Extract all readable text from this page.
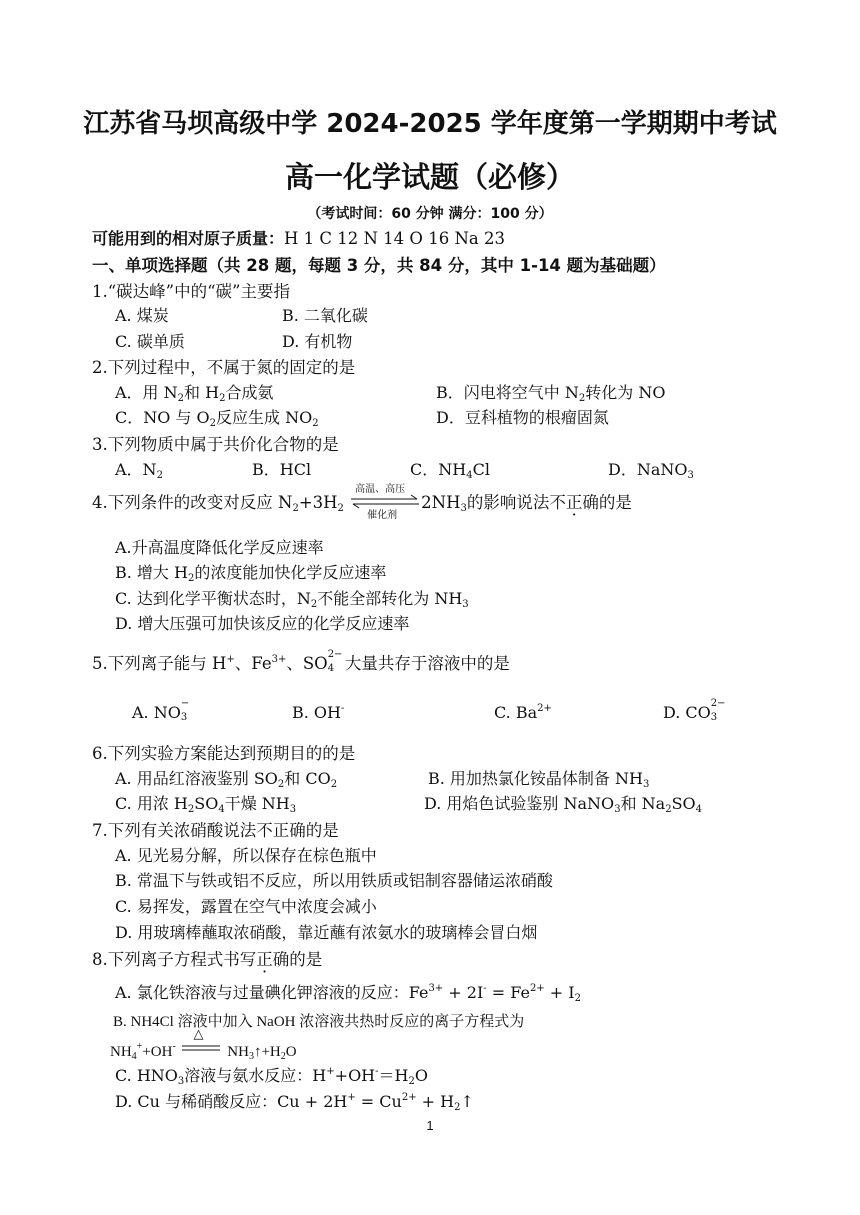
江苏省马坝高级中学 2024-2025 学年度第一学期期中考试
高一化学试题（必修）
（考试时间：60 分钟 满分：100 分）
可能用到的相对原子质量：H 1 C 12 N 14 O 16 Na 23
一、单项选择题（共 28 题，每题 3 分，共 84 分，其中 1-14 题为基础题）
1.“碳达峰”中的“碳”主要指
A. 煤炭	B. 二氧化碳
C. 碳单质	D. 有机物
2.下列过程中，不属于氮的固定的是
A．用 $N_2$和 $H_2$合成氨	B．闪电将空气中 $N_2$转化为 NO
C．NO 与 $O_2$反应生成 $NO_2$	D．豆科植物的根瘤固氮
3.下列物质中属于共价化合物的是
A．$N_2$	B．HCl	C．$NH_4Cl$	D．NaNO$_3$
4.下列条件的改变对反应 $N_2+3H_2$
高温、高压
催化剂
$2NH_3$的影响说法不正确的是
A.升高温度降低化学反应速率
B. 增大 $H_2$的浓度能加快化学反应速率
C. 达到化学平衡状态时，$N_2$不能全部转化为 $NH_3$
D. 增大压强可加快该反应的化学反应速率
5.下列离子能与 H+、$Fe^{3+}$、SO 2−
4 大量共存于溶液中的是
A. NO −
3	B. OH-	C. $Ba^{2+}$	D. CO 2−
3
6.下列实验方案能达到预期目的的是
A. 用品红溶液鉴别 $SO_2$和 $CO_2$	B. 用加热氯化铵晶体制备 $NH_3$
C. 用浓 $H_2SO_4$干燥 $NH_3$	D. 用焰色试验鉴别 NaNO$_3$和 $Na_2SO_4$
7.下列有关浓硝酸说法不正确的是
A. 见光易分解，所以保存在棕色瓶中
B. 常温下与铁或铝不反应，所以用铁质或铝制容器储运浓硝酸
C. 易挥发，露置在空气中浓度会减小
D. 用玻璃棒蘸取浓硝酸，靠近蘸有浓氨水的玻璃棒会冒白烟
8.下列离子方程式书写正确的是
A. 氯化铁溶液与过量碘化钾溶液的反应：$Fe^{3+} + 2I^- = Fe^{2+} + I_2$
B. NH4Cl 溶液中加入 NaOH 浓溶液共热时反应的离子方程式为
$NH_4^++OH^-$
△
$NH_3↑+H_2O$
C. $HNO_3$溶液与氨水反应：$H^++OH^-=H_2O$
D. Cu 与稀硝酸反应：$Cu + 2H^+ = Cu^{2+}$ + $H_2↑$
1
